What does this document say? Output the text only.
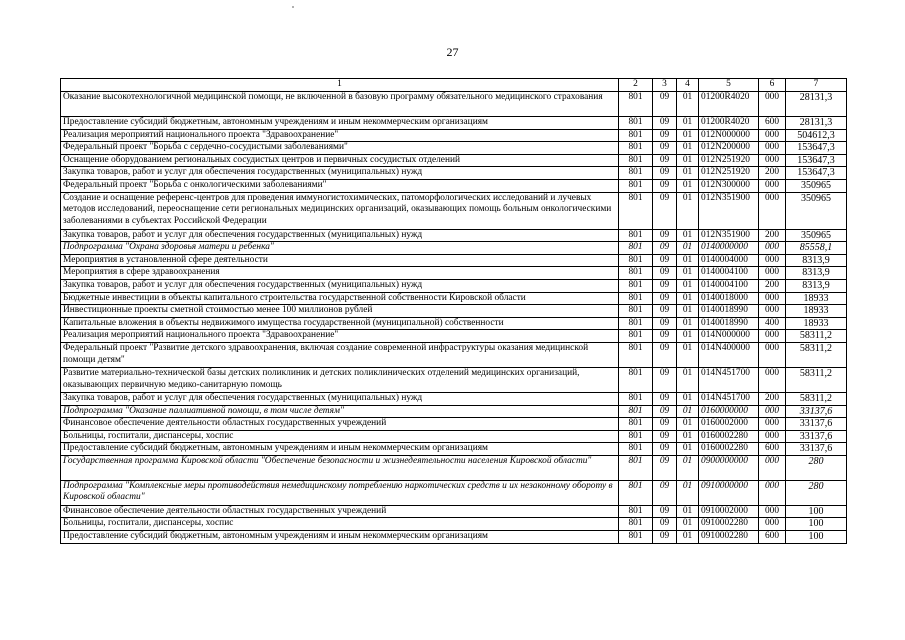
27
1	2	3	4	5	6	7
Оказание высокотехнологичной медицинской помощи, не включенной в базовую программу обязательного медицинского страхования	801	09	01	01200R4020	000	28131,3
Предоставление субсидий бюджетным, автономным учреждениям и иным некоммерческим организациям	801	09	01	01200R4020	600	28131,3
Реализация мероприятий национального проекта "Здравоохранение"	801	09	01	012N000000	000	504612,3
Федеральный проект "Борьба с сердечно-сосудистыми заболеваниями"	801	09	01	012N200000	000	153647,3
Оснащение оборудованием региональных сосудистых центров и первичных сосудистых отделений	801	09	01	012N251920	000	153647,3
Закупка товаров, работ и услуг для обеспечения государственных (муниципальных) нужд	801	09	01	012N251920	200	153647,3
Федеральный проект "Борьба с онкологическими заболеваниями"	801	09	01	012N300000	000	350965
Создание и оснащение референс-центров для проведения иммуногистохимических, патоморфологических исследований и лучевых методов исследований, переоснащение сети региональных медицинских организаций, оказывающих помощь больным онкологическими заболеваниями в субъектах Российской Федерации	801	09	01	012N351900	000	350965
Закупка товаров, работ и услуг для обеспечения государственных (муниципальных) нужд	801	09	01	012N351900	200	350965
Подпрограмма "Охрана здоровья матери и ребенка"	801	09	01	0140000000	000	85558,1
Мероприятия в установленной сфере деятельности	801	09	01	0140004000	000	8313,9
Мероприятия в сфере здравоохранения	801	09	01	0140004100	000	8313,9
Закупка товаров, работ и услуг для обеспечения государственных (муниципальных) нужд	801	09	01	0140004100	200	8313,9
Бюджетные инвестиции в объекты капитального строительства государственной собственности Кировской области	801	09	01	0140018000	000	18933
Инвестиционные проекты сметной стоимостью менее 100 миллионов рублей	801	09	01	0140018990	000	18933
Капитальные вложения в объекты недвижимого имущества государственной (муниципальной) собственности	801	09	01	0140018990	400	18933
Реализация мероприятий национального проекта "Здравоохранение"	801	09	01	014N000000	000	58311,2
Федеральный проект "Развитие детского здравоохранения, включая создание современной инфраструктуры оказания медицинской помощи детям"	801	09	01	014N400000	000	58311,2
Развитие материально-технической базы детских поликлиник и детских поликлинических отделений медицинских организаций, оказывающих первичную медико-санитарную помощь	801	09	01	014N451700	000	58311,2
Закупка товаров, работ и услуг для обеспечения государственных (муниципальных) нужд	801	09	01	014N451700	200	58311,2
Подпрограмма "Оказание паллиативной помощи, в том числе детям"	801	09	01	0160000000	000	33137,6
Финансовое обеспечение деятельности областных государственных учреждений	801	09	01	0160002000	000	33137,6
Больницы, госпитали, диспансеры, хоспис	801	09	01	0160002280	000	33137,6
Предоставление субсидий бюджетным, автономным учреждениям и иным некоммерческим организациям	801	09	01	0160002280	600	33137,6
Государственная программа Кировской области "Обеспечение безопасности и жизнедеятельности населения Кировской области"	801	09	01	0900000000	000	280
Подпрограмма "Комплексные меры противодействия немедицинскому потреблению наркотических средств и их незаконному обороту в Кировской области"	801	09	01	0910000000	000	280
Финансовое обеспечение деятельности областных государственных учреждений	801	09	01	0910002000	000	100
Больницы, госпитали, диспансеры, хоспис	801	09	01	0910002280	000	100
Предоставление субсидий бюджетным, автономным учреждениям и иным некоммерческим организациям	801	09	01	0910002280	600	100
